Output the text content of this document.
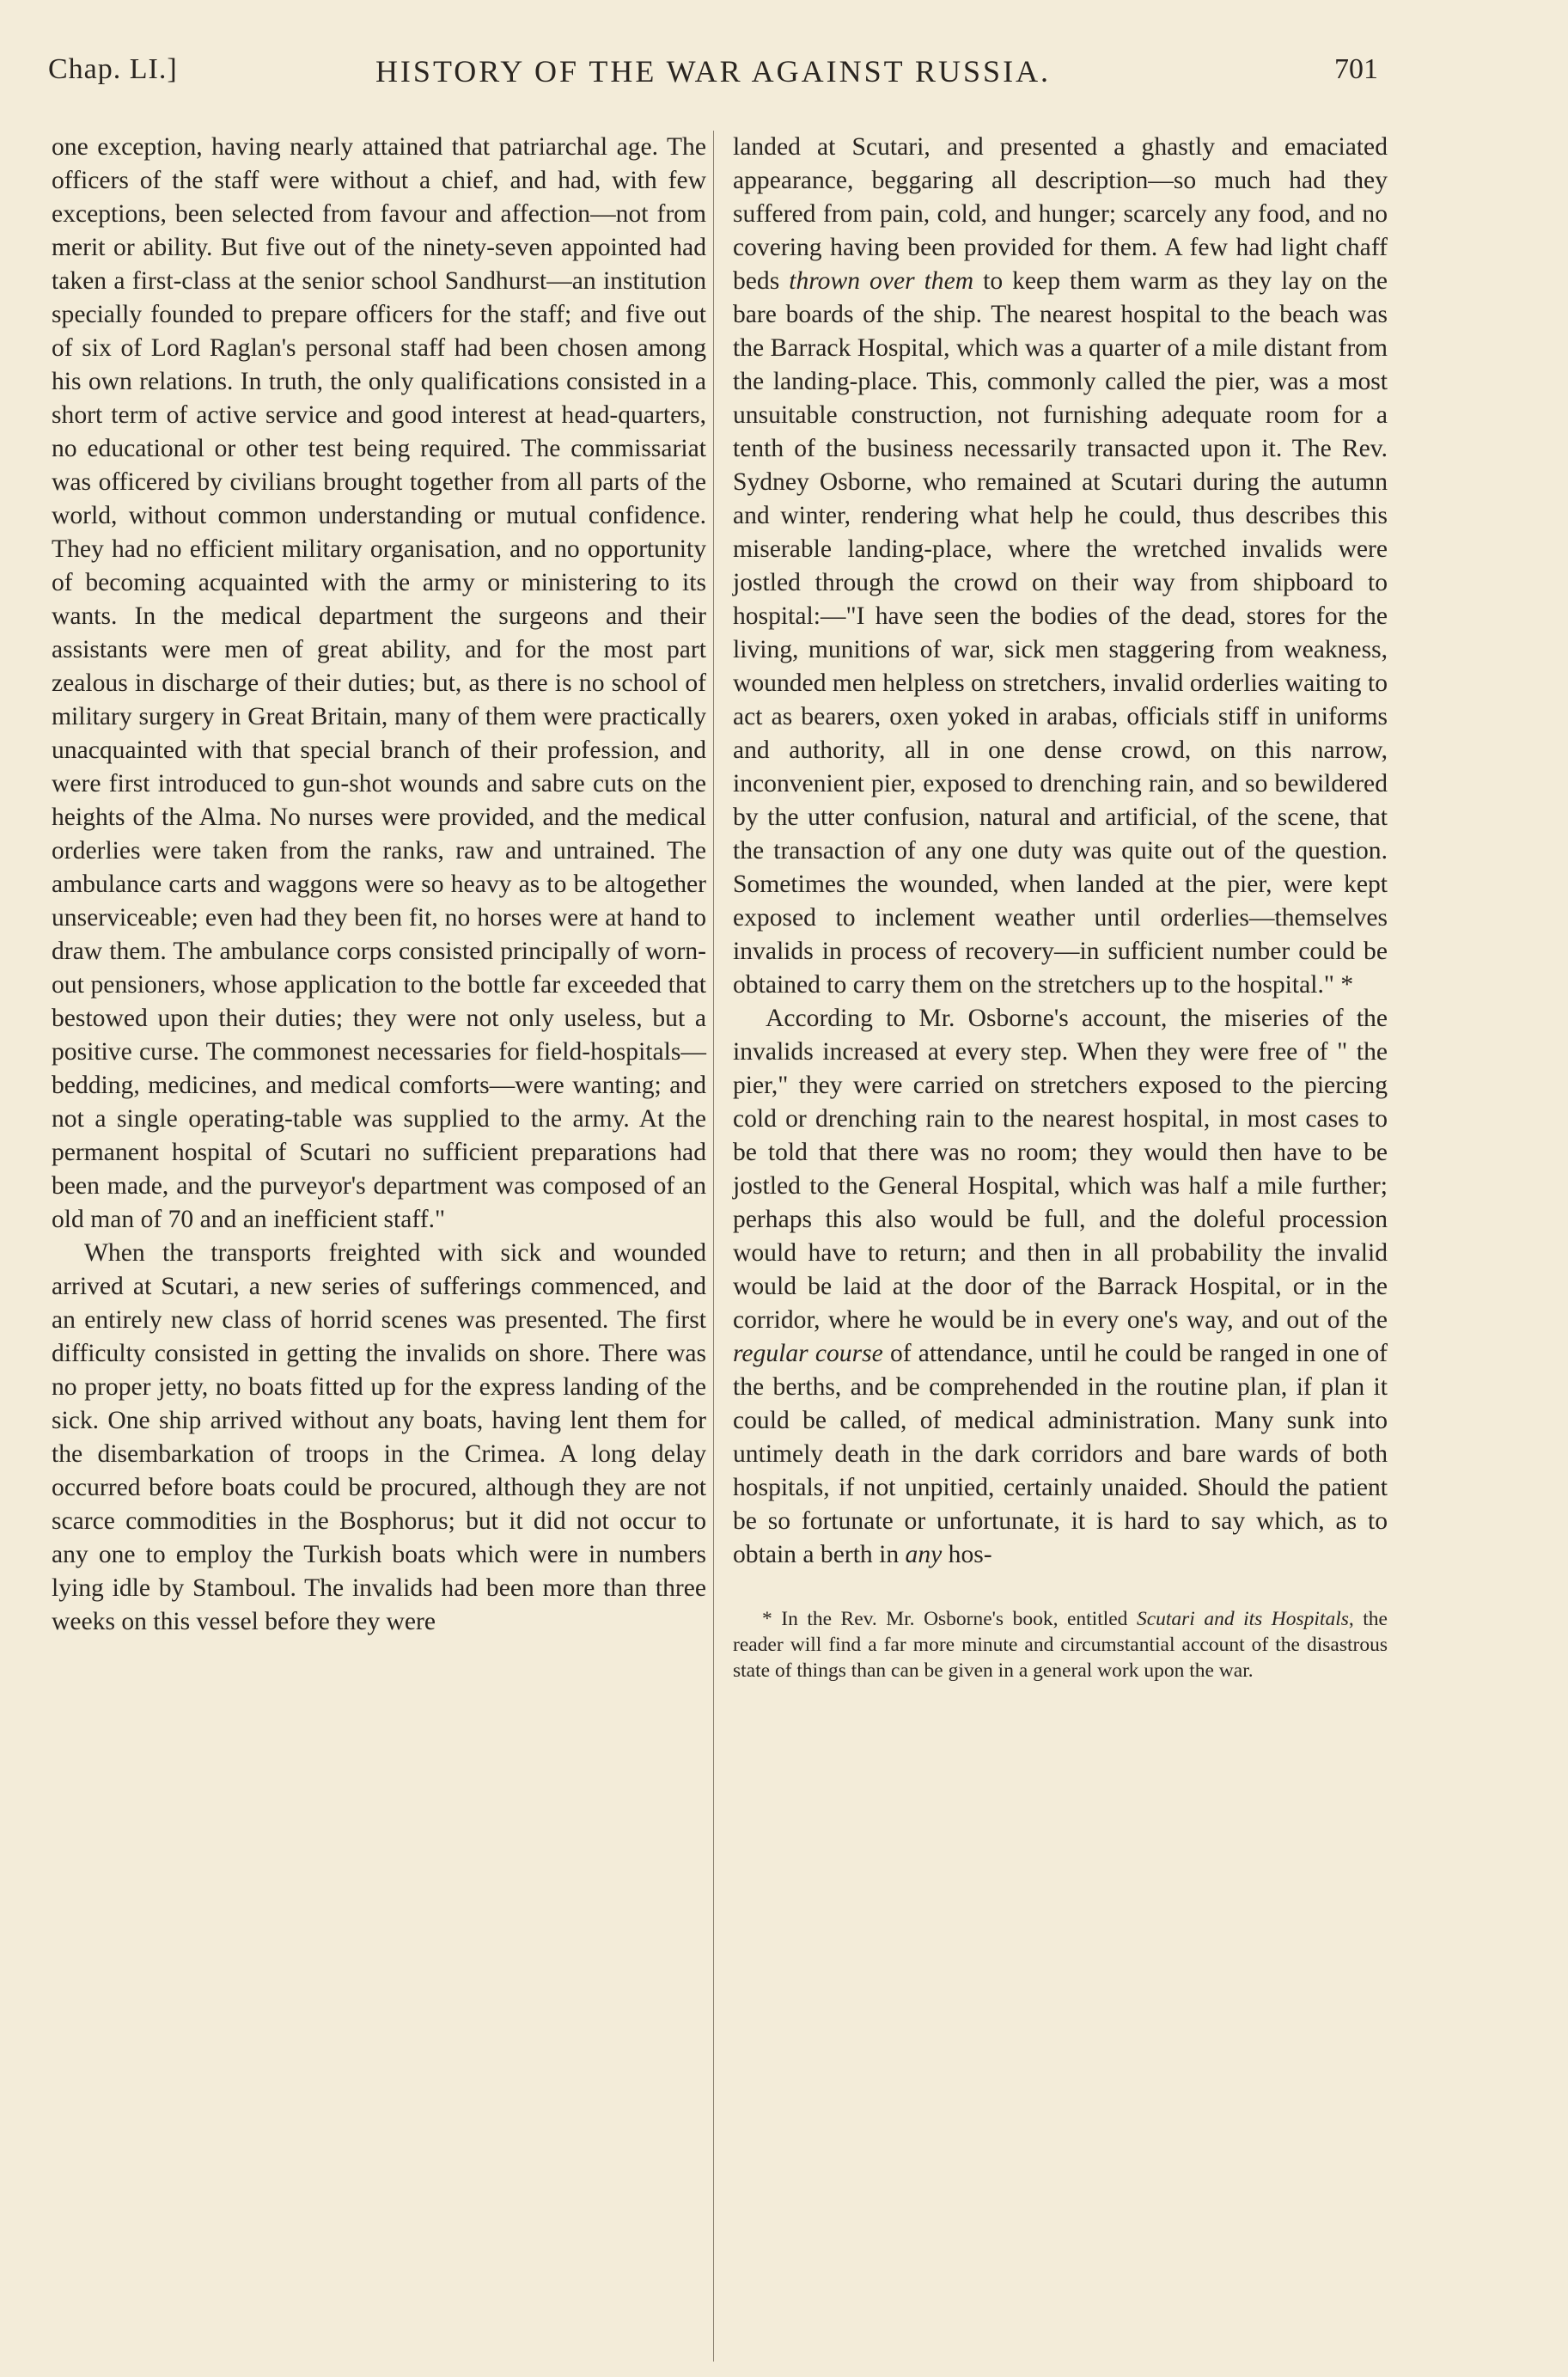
Chap. LI.]	HISTORY OF THE WAR AGAINST RUSSIA.	701

one exception, having nearly attained that patriarchal age. The officers of the staff were without a chief, and had, with few exceptions, been selected from favour and affection—not from merit or ability. But five out of the ninety-seven appointed had taken a first-class at the senior school Sandhurst—an institution specially founded to prepare officers for the staff; and five out of six of Lord Raglan's personal staff had been chosen among his own relations. In truth, the only qualifications consisted in a short term of active service and good interest at head-quarters, no educational or other test being required. The commissariat was officered by civilians brought together from all parts of the world, without common understanding or mutual confidence. They had no efficient military organisation, and no opportunity of becoming acquainted with the army or ministering to its wants. In the medical department the surgeons and their assistants were men of great ability, and for the most part zealous in discharge of their duties; but, as there is no school of military surgery in Great Britain, many of them were practically unacquainted with that special branch of their profession, and were first introduced to gun-shot wounds and sabre cuts on the heights of the Alma. No nurses were provided, and the medical orderlies were taken from the ranks, raw and untrained. The ambulance carts and waggons were so heavy as to be altogether unserviceable; even had they been fit, no horses were at hand to draw them. The ambulance corps consisted principally of worn-out pensioners, whose application to the bottle far exceeded that bestowed upon their duties; they were not only useless, but a positive curse. The commonest necessaries for field-hospitals—bedding, medicines, and medical comforts—were wanting; and not a single operating-table was supplied to the army. At the permanent hospital of Scutari no sufficient preparations had been made, and the purveyor's department was composed of an old man of 70 and an inefficient staff."

When the transports freighted with sick and wounded arrived at Scutari, a new series of sufferings commenced, and an entirely new class of horrid scenes was presented. The first difficulty consisted in getting the invalids on shore. There was no proper jetty, no boats fitted up for the express landing of the sick. One ship arrived without any boats, having lent them for the disembarkation of troops in the Crimea. A long delay occurred before boats could be procured, although they are not scarce commodities in the Bosphorus; but it did not occur to any one to employ the Turkish boats which were in numbers lying idle by Stamboul. The invalids had been more than three weeks on this vessel before they were

landed at Scutari, and presented a ghastly and emaciated appearance, beggaring all description—so much had they suffered from pain, cold, and hunger; scarcely any food, and no covering having been provided for them. A few had light chaff beds thrown over them to keep them warm as they lay on the bare boards of the ship. The nearest hospital to the beach was the Barrack Hospital, which was a quarter of a mile distant from the landing-place. This, commonly called the pier, was a most unsuitable construction, not furnishing adequate room for a tenth of the business necessarily transacted upon it. The Rev. Sydney Osborne, who remained at Scutari during the autumn and winter, rendering what help he could, thus describes this miserable landing-place, where the wretched invalids were jostled through the crowd on their way from shipboard to hospital:—"I have seen the bodies of the dead, stores for the living, munitions of war, sick men staggering from weakness, wounded men helpless on stretchers, invalid orderlies waiting to act as bearers, oxen yoked in arabas, officials stiff in uniforms and authority, all in one dense crowd, on this narrow, inconvenient pier, exposed to drenching rain, and so bewildered by the utter confusion, natural and artificial, of the scene, that the transaction of any one duty was quite out of the question. Sometimes the wounded, when landed at the pier, were kept exposed to inclement weather until orderlies—themselves invalids in process of recovery—in sufficient number could be obtained to carry them on the stretchers up to the hospital." *

According to Mr. Osborne's account, the miseries of the invalids increased at every step. When they were free of " the pier," they were carried on stretchers exposed to the piercing cold or drenching rain to the nearest hospital, in most cases to be told that there was no room; they would then have to be jostled to the General Hospital, which was half a mile further; perhaps this also would be full, and the doleful procession would have to return; and then in all probability the invalid would be laid at the door of the Barrack Hospital, or in the corridor, where he would be in every one's way, and out of the regular course of attendance, until he could be ranged in one of the berths, and be comprehended in the routine plan, if plan it could be called, of medical administration. Many sunk into untimely death in the dark corridors and bare wards of both hospitals, if not unpitied, certainly unaided. Should the patient be so fortunate or unfortunate, it is hard to say which, as to obtain a berth in any hos-

* In the Rev. Mr. Osborne's book, entitled Scutari and its Hospitals, the reader will find a far more minute and circumstantial account of the disastrous state of things than can be given in a general work upon the war.
